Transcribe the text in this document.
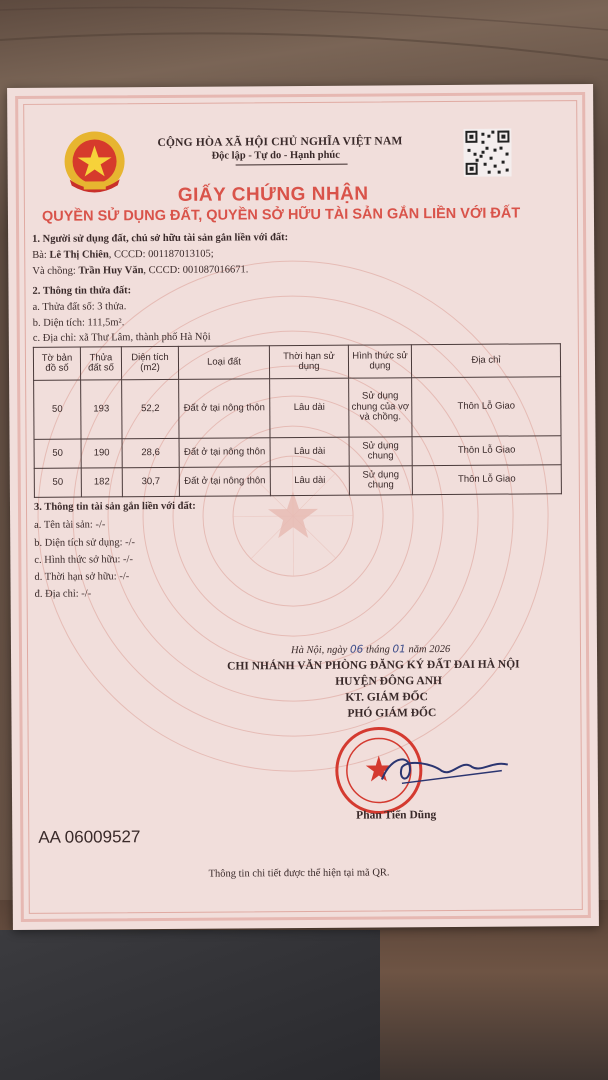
CỘNG HÒA XÃ HỘI CHỦ NGHĨA VIỆT NAM
Độc lập - Tự do - Hạnh phúc
GIẤY CHỨNG NHẬN
QUYỀN SỬ DỤNG ĐẤT, QUYỀN SỞ HỮU TÀI SẢN GẮN LIỀN VỚI ĐẤT
1. Người sử dụng đất, chủ sở hữu tài sản gắn liền với đất:
Bà: Lê Thị Chiên, CCCD: 001187013105;
Và chồng: Trần Huy Văn, CCCD: 001087016671.
2. Thông tin thửa đất:
a. Thửa đất số: 3 thửa.
b. Diện tích: 111,5m².
c. Địa chỉ: xã Thư Lâm, thành phố Hà Nội
Tờ bản đồ số	Thửa đất số	Diện tích (m2)	Loại đất	Thời hạn sử dụng	Hình thức sử dụng	Địa chỉ
50	193	52,2	Đất ở tại nông thôn	Lâu dài	Sử dụng chung của vợ và chồng.	Thôn Lỗ Giao
50	190	28,6	Đất ở tại nông thôn	Lâu dài	Sử dụng chung	Thôn Lỗ Giao
50	182	30,7	Đất ở tại nông thôn	Lâu dài	Sử dụng chung	Thôn Lỗ Giao
3. Thông tin tài sản gắn liền với đất:
a. Tên tài sản: -/-
b. Diện tích sử dụng: -/-
c. Hình thức sở hữu: -/-
d. Thời hạn sở hữu: -/-
đ. Địa chỉ: -/-
Hà Nội, ngày 06 tháng 01 năm 2026
CHI NHÁNH VĂN PHÒNG ĐĂNG KÝ ĐẤT ĐAI HÀ NỘI
HUYỆN ĐÔNG ANH
KT. GIÁM ĐỐC
PHÓ GIÁM ĐỐC
Phan Tiến Dũng
AA 06009527
Thông tin chi tiết được thể hiện tại mã QR.
